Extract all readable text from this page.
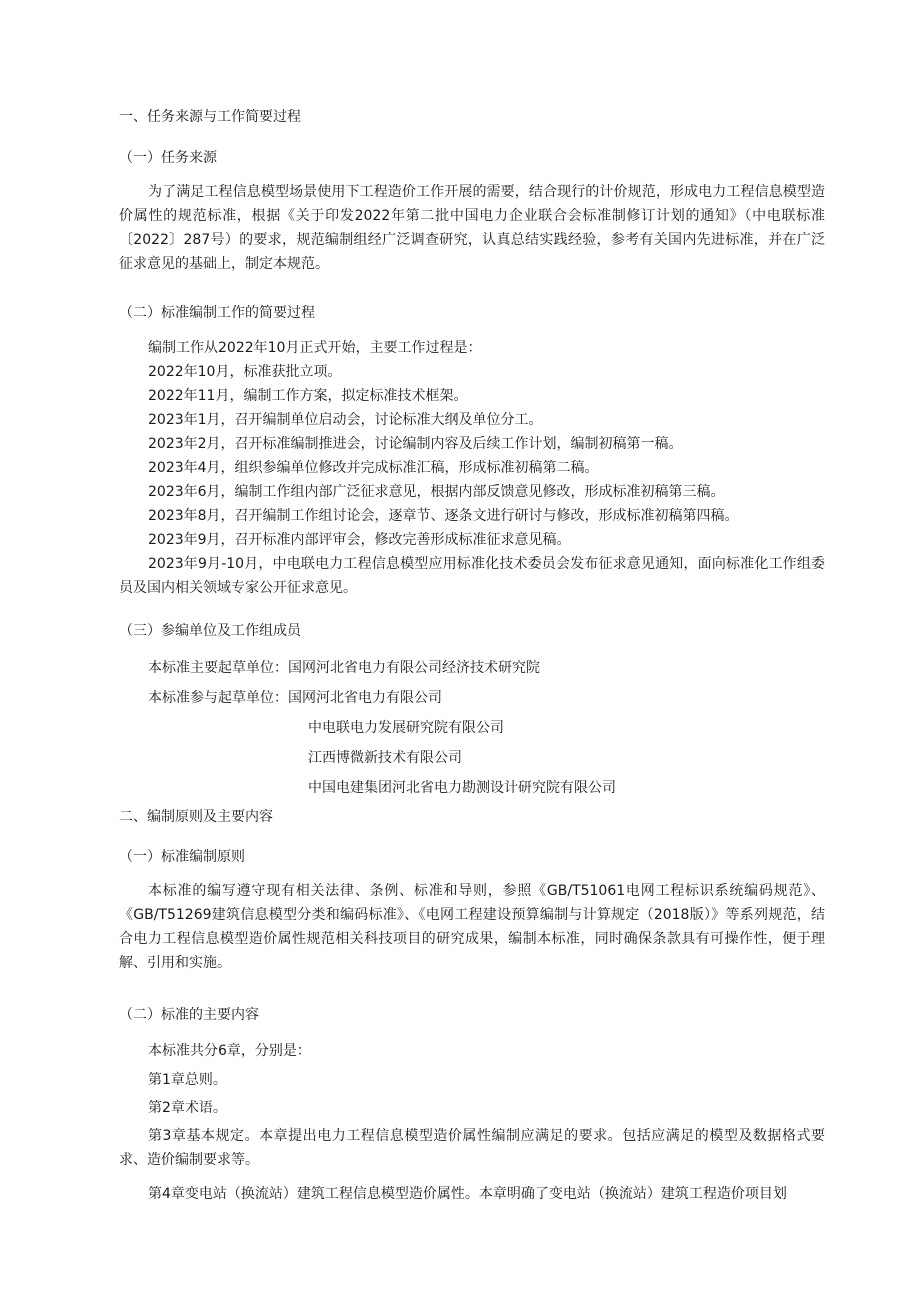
一、任务来源与工作简要过程
（一）任务来源

为了满足工程信息模型场景使用下工程造价工作开展的需要，结合现行的计价规范，形成电力工程信息模型造价属性的规范标准，根据《关于印发2022年第二批中国电力企业联合会标准制修订计划的通知》（中电联标准〔2022〕287号）的要求，规范编制组经广泛调查研究，认真总结实践经验，参考有关国内先进标准，并在广泛征求意见的基础上，制定本规范。

（二）标准编制工作的简要过程
编制工作从2022年10月正式开始，主要工作过程是：
2022年10月，标准获批立项。
2022年11月，编制工作方案，拟定标准技术框架。
2023年1月，召开编制单位启动会，讨论标准大纲及单位分工。
2023年2月，召开标准编制推进会，讨论编制内容及后续工作计划，编制初稿第一稿。
2023年4月，组织参编单位修改并完成标准汇稿，形成标准初稿第二稿。
2023年6月，编制工作组内部广泛征求意见，根据内部反馈意见修改，形成标准初稿第三稿。
2023年8月，召开编制工作组讨论会，逐章节、逐条文进行研讨与修改，形成标准初稿第四稿。
2023年9月，召开标准内部评审会，修改完善形成标准征求意见稿。

2023年9月-10月，中电联电力工程信息模型应用标准化技术委员会发布征求意见通知，面向标准化工作组委员及国内相关领域专家公开征求意见。

（三）参编单位及工作组成员
本标准主要起草单位：国网河北省电力有限公司经济技术研究院
本标准参与起草单位：国网河北省电力有限公司
中电联电力发展研究院有限公司
江西博微新技术有限公司
中国电建集团河北省电力勘测设计研究院有限公司
二、编制原则及主要内容
（一）标准编制原则

本标准的编写遵守现有相关法律、条例、标准和导则，参照《GB/T51061电网工程标识系统编码规范》、《GB/T51269建筑信息模型分类和编码标准》、《电网工程建设预算编制与计算规定（2018版）》等系列规范，结合电力工程信息模型造价属性规范相关科技项目的研究成果，编制本标准，同时确保条款具有可操作性，便于理解、引用和实施。

（二）标准的主要内容
本标准共分6章，分别是：
第1章总则。
第2章术语。

第3章基本规定。本章提出电力工程信息模型造价属性编制应满足的要求。包括应满足的模型及数据格式要求、造价编制要求等。

第4章变电站（换流站）建筑工程信息模型造价属性。本章明确了变电站（换流站）建筑工程造价项目划
